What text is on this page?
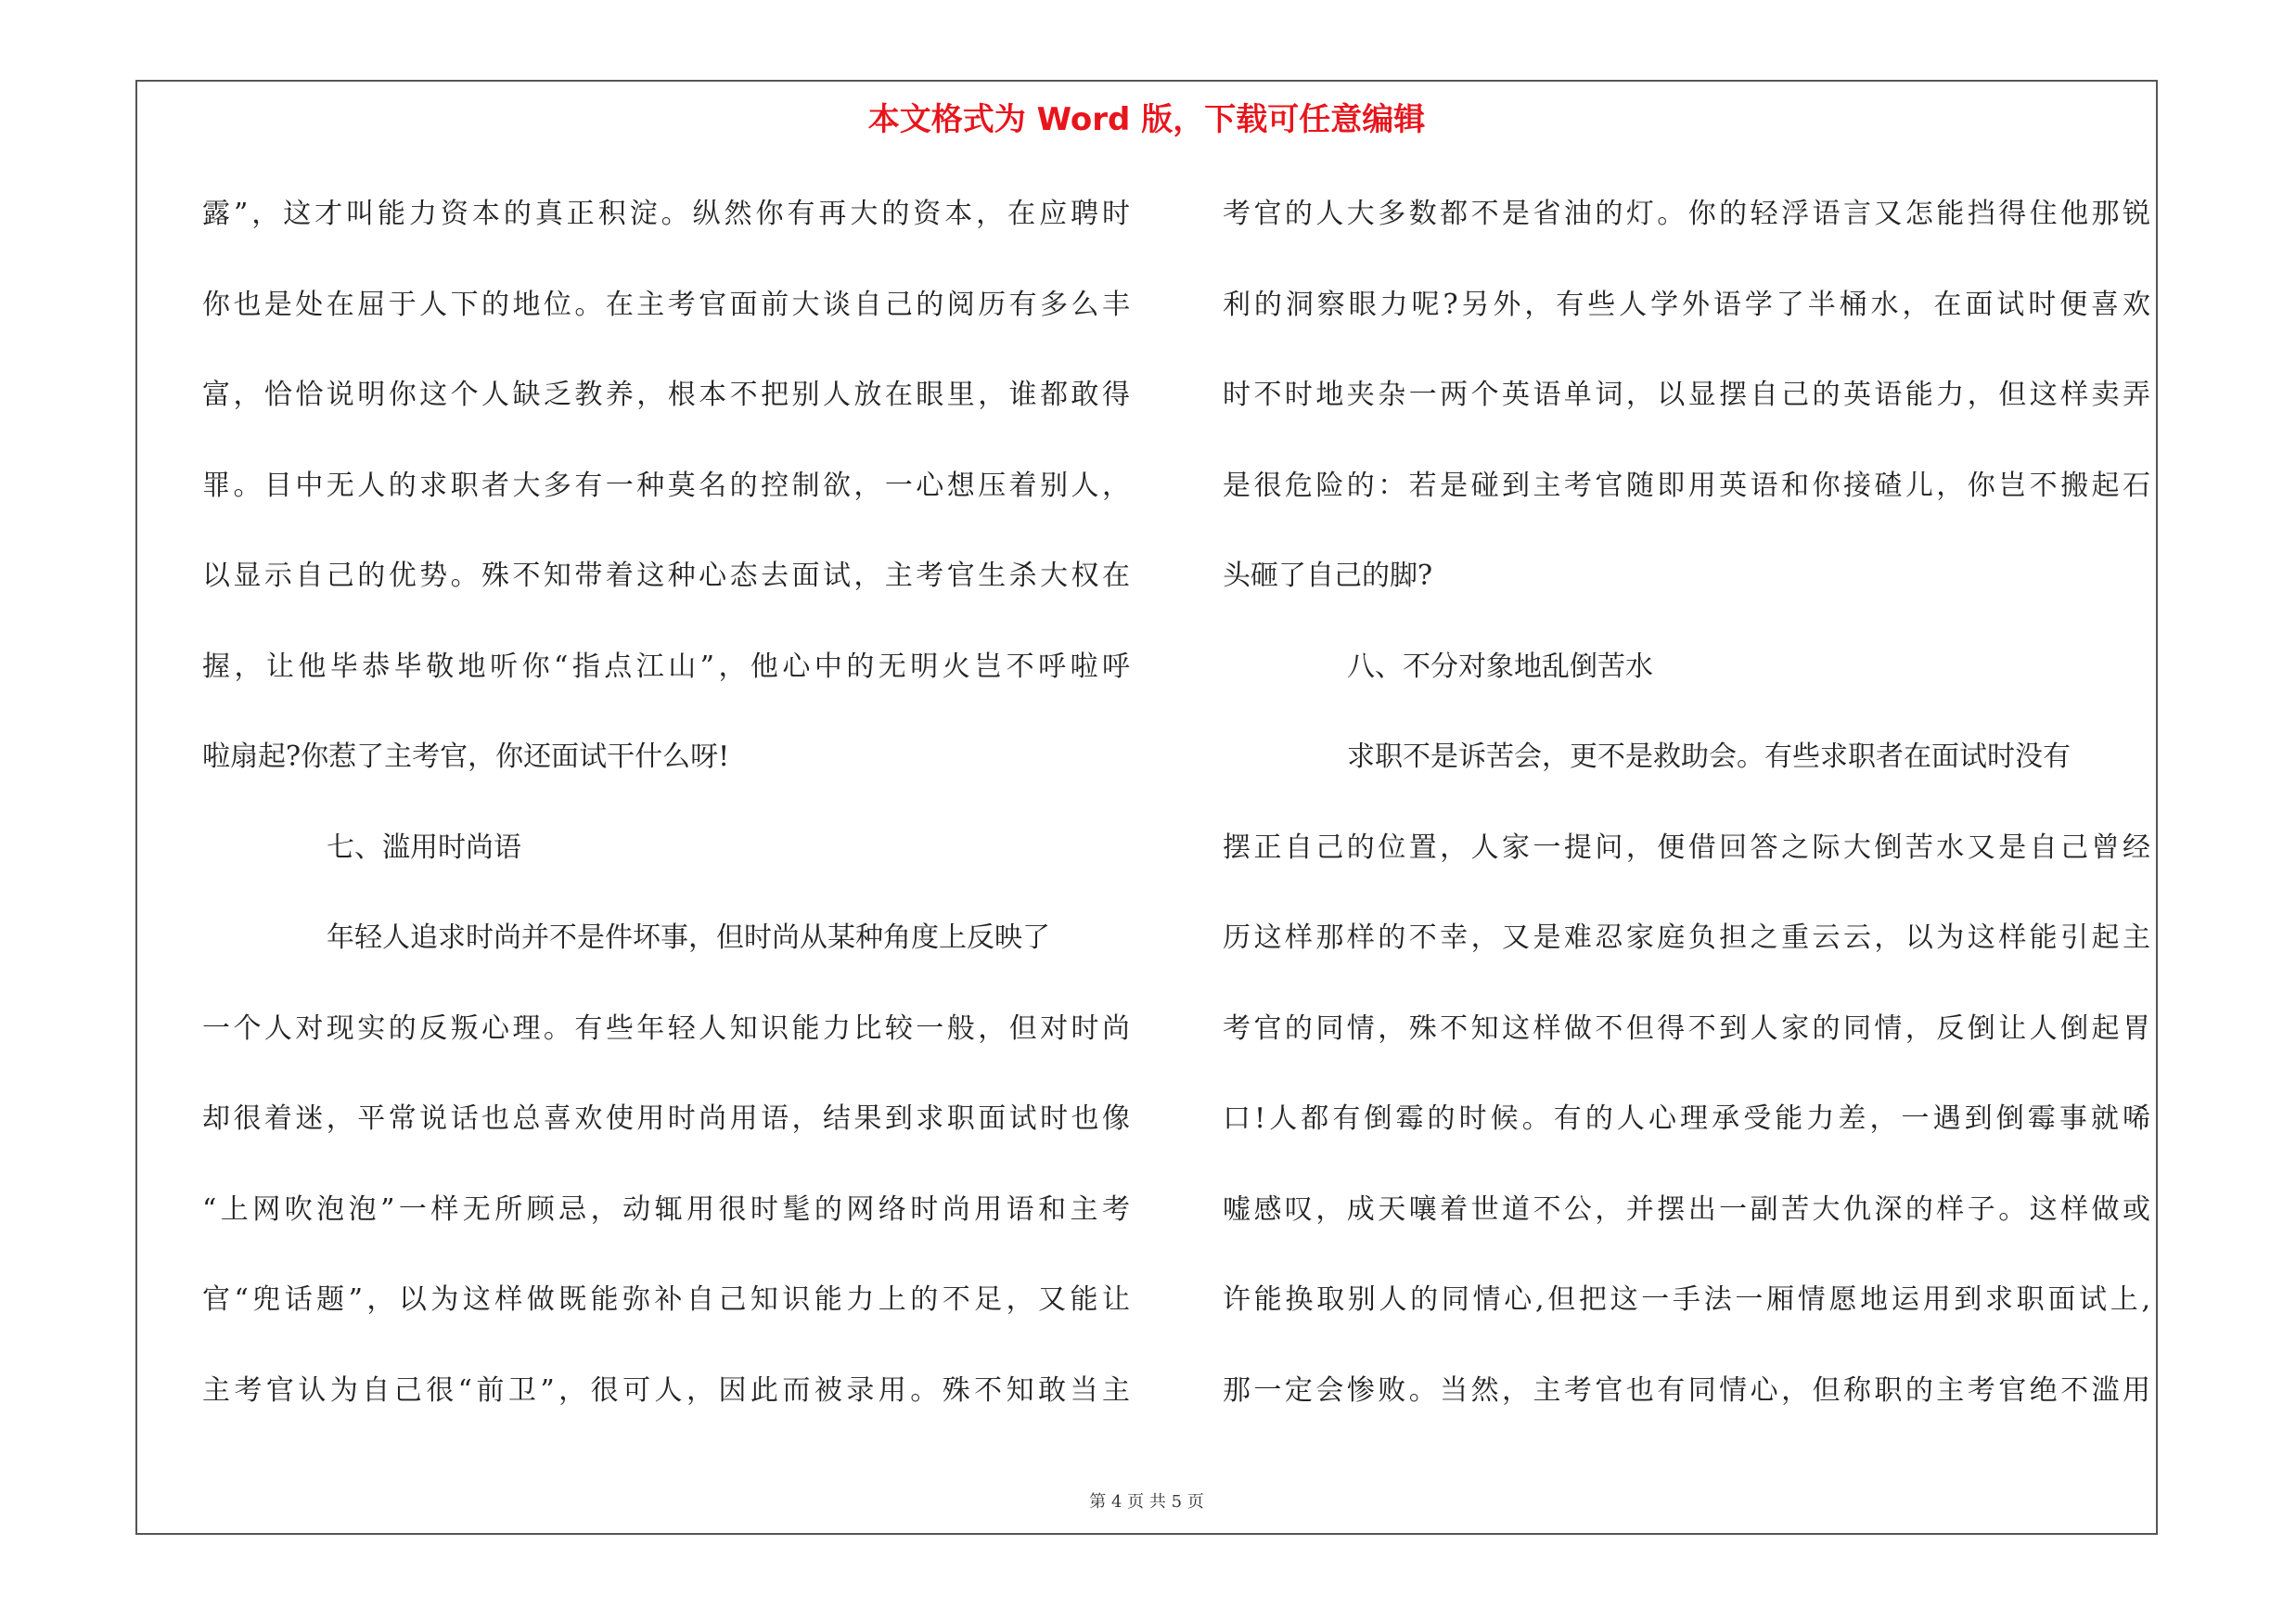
本文格式为 Word 版，下载可任意编辑
露”，这才叫能力资本的真正积淀。纵然你有再大的资本，在应聘时
你也是处在屈于人下的地位。在主考官面前大谈自己的阅历有多么丰
富，恰恰说明你这个人缺乏教养，根本不把别人放在眼里，谁都敢得
罪。目中无人的求职者大多有一种莫名的控制欲，一心想压着别人，
以显示自己的优势。殊不知带着这种心态去面试，主考官生杀大权在
握，让他毕恭毕敬地听你“指点江山”，他心中的无明火岂不呼啦呼
啦扇起?你惹了主考官，你还面试干什么呀!
七、滥用时尚语
年轻人追求时尚并不是件坏事，但时尚从某种角度上反映了
一个人对现实的反叛心理。有些年轻人知识能力比较一般，但对时尚
却很着迷，平常说话也总喜欢使用时尚用语，结果到求职面试时也像
“上网吹泡泡”一样无所顾忌，动辄用很时髦的网络时尚用语和主考
官“兜话题”，以为这样做既能弥补自己知识能力上的不足，又能让
主考官认为自己很“前卫”，很可人，因此而被录用。殊不知敢当主
考官的人大多数都不是省油的灯。你的轻浮语言又怎能挡得住他那锐
利的洞察眼力呢?另外，有些人学外语学了半桶水，在面试时便喜欢
时不时地夹杂一两个英语单词，以显摆自己的英语能力，但这样卖弄
是很危险的：若是碰到主考官随即用英语和你接碴儿，你岂不搬起石
头砸了自己的脚?
八、不分对象地乱倒苦水
求职不是诉苦会，更不是救助会。有些求职者在面试时没有
摆正自己的位置，人家一提问，便借回答之际大倒苦水又是自己曾经
历这样那样的不幸，又是难忍家庭负担之重云云，以为这样能引起主
考官的同情，殊不知这样做不但得不到人家的同情，反倒让人倒起胃
口!人都有倒霉的时候。有的人心理承受能力差，一遇到倒霉事就唏
嘘感叹，成天嚷着世道不公，并摆出一副苦大仇深的样子。这样做或
许能换取别人的同情心,但把这一手法一厢情愿地运用到求职面试上,
那一定会惨败。当然，主考官也有同情心，但称职的主考官绝不滥用
第 4 页 共 5 页
